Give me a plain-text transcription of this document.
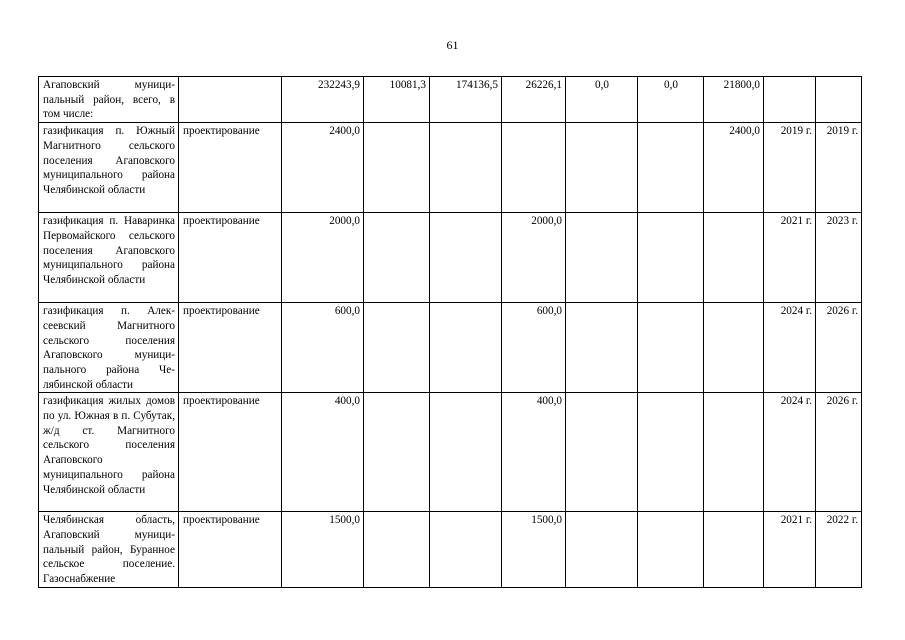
61
Агаповский муниципальный район, всего, в том числе:		232243,9	10081,3	174136,5	26226,1	0,0	0,0	21800,0		
газификация п. Южный Магнитного сельского поселения Агаповского муниципального района Челябинской области	проектирование	2400,0						2400,0	2019 г.	2019 г.
газификация п. Наваринка Первомайского сельского поселения Агаповского муниципального района Челябинской области	проектирование	2000,0			2000,0				2021 г.	2023 г.
газификация п. Алексеевский Магнитного сельского поселения Агаповского муниципального района Челябинской области	проектирование	600,0			600,0				2024 г.	2026 г.
газификация жилых домов по ул. Южная в п. Субутак, ж/д ст. Магнитного сельского поселения Агаповского муниципального района Челябинской области	проектирование	400,0			400,0				2024 г.	2026 г.
Челябинская область, Агаповский муниципальный район, Буранное сельское поселение. Газоснабжение	проектирование	1500,0			1500,0				2021 г.	2022 г.
